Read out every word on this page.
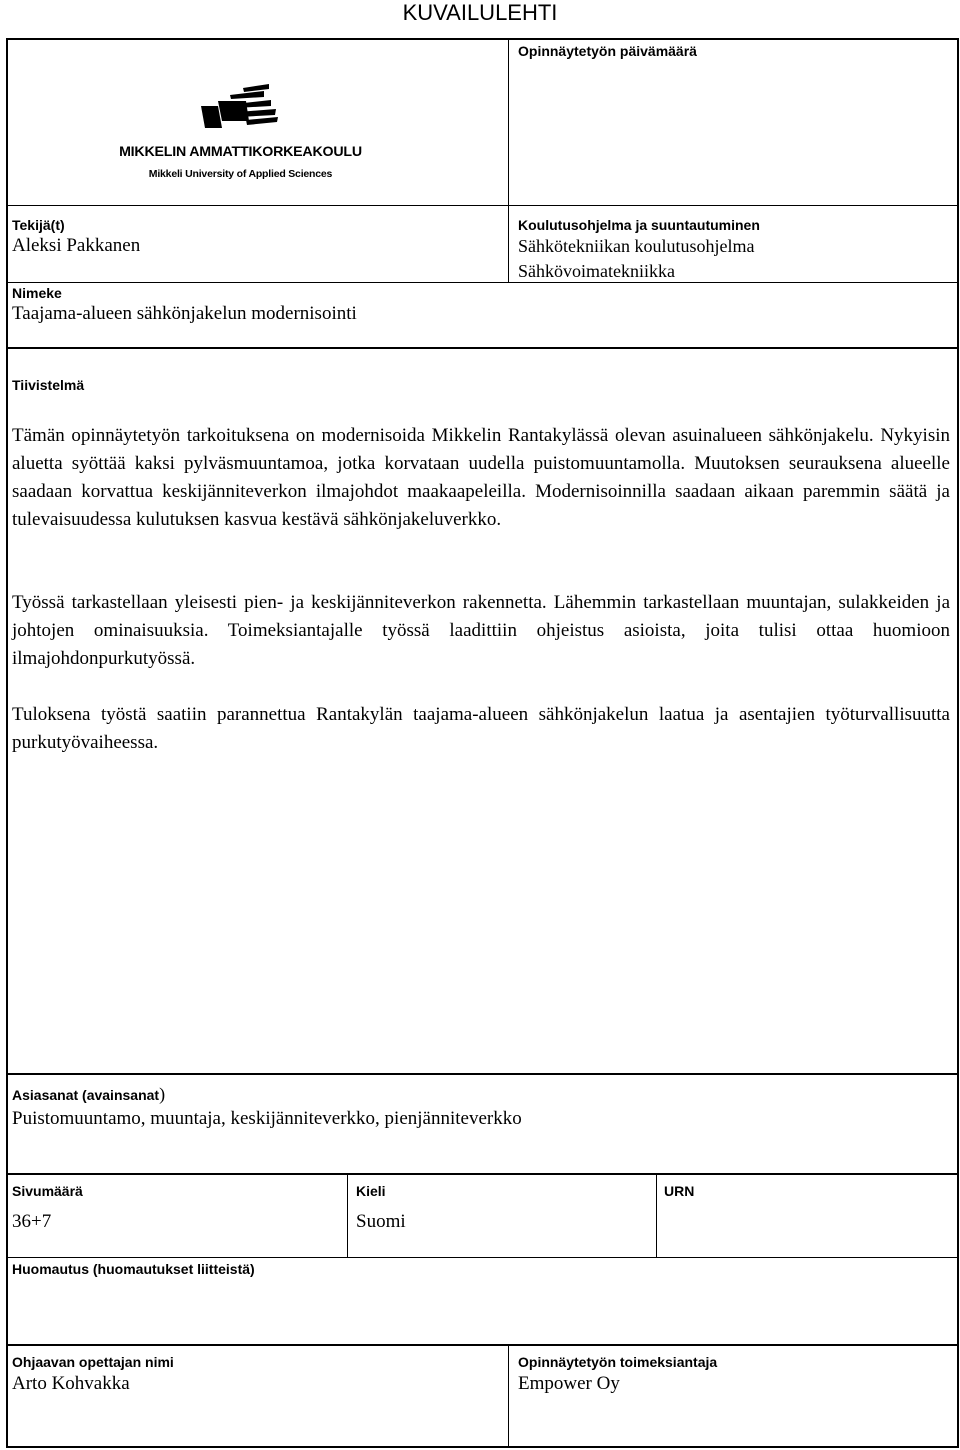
KUVAILULEHTI
Opinnäytetyön päivämäärä
MIKKELIN AMMATTIKORKEAKOULU
Mikkeli University of Applied Sciences
Tekijä(t)
Aleksi Pakkanen
Koulutusohjelma ja suuntautuminen
Sähkötekniikan koulutusohjelma
Sähkövoimatekniikka
Nimeke
Taajama-alueen sähkönjakelun modernisointi
Tiivistelmä

Tämän opinnäytetyön tarkoituksena on modernisoida Mikkelin Rantakylässä olevan asuinalueen sähkönjakelu. Nykyisin aluetta syöttää kaksi pylväsmuuntamoa, jotka korvataan uudella puistomuuntamolla. Muutoksen seurauksena alueelle saadaan korvattua keskijänniteverkon ilmajohdot maakaapeleilla. Modernisoinnilla saadaan aikaan paremmin säätä ja tulevaisuudessa kulutuksen kasvua kestävä sähkönjakeluverkko.

Työssä tarkastellaan yleisesti pien- ja keskijänniteverkon rakennetta. Lähemmin tarkastellaan muuntajan, sulakkeiden ja johtojen ominaisuuksia. Toimeksiantajalle työssä laadittiin ohjeistus asioista, joita tulisi ottaa huomioon ilmajohdonpurkutyössä.

Tuloksena työstä saatiin parannettua Rantakylän taajama-alueen sähkönjakelun laatua ja asentajien työturvallisuutta purkutyövaiheessa.

Asiasanat (avainsanat)
Puistomuuntamo, muuntaja, keskijänniteverkko, pienjänniteverkko
Sivumäärä
36+7
Kieli
Suomi
URN
Huomautus (huomautukset liitteistä)
Ohjaavan opettajan nimi
Arto Kohvakka
Opinnäytetyön toimeksiantaja
Empower Oy
